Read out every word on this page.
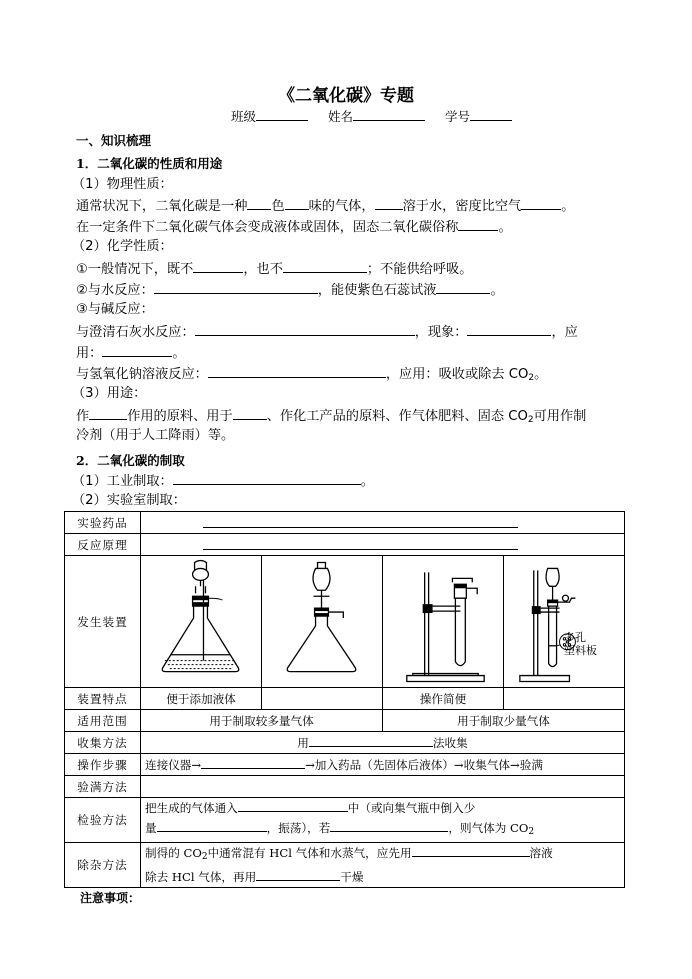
《二氧化碳》专题
班级	姓名	学号
一、知识梳理
1．二氧化碳的性质和用途
（1）物理性质：
通常状况下，二氧化碳是一种 色 味的气体， 溶于水，密度比空气	。
在一定条件下二氧化碳气体会变成液体或固体，固态二氧化碳俗称	。
（2）化学性质：
①一般情况下，既不	，也不	；不能供给呼吸。
②与水反应：	，能使紫色石蕊试液	。
③与碱反应：
与澄清石灰水反应：	，现象：	，应
用：	。
与氢氧化钠溶液反应：	，应用：吸收或除去 CO2。
（3）用途：
作	作用的原料、用于	、作化工产品的原料、作气体肥料、固态 CO2可用作制
冷剂（用于人工降雨）等。
2．二氧化碳的制取
（1）工业制取：	。
（2）实验室制取：
实验药品				
反应原理				
发生装置				多孔
塑料板

装置特点	便于添加液体		操作简便	
适用范围	用于制取较多量气体		用于制取少量气体	
收集方法	用 法收集			
操作步骤	连接仪器→ →加入药品（先固体后液体）→收集气体→验满			
验满方法				
检验方法	把生成的气体通入 中（或向集气瓶中倒入少
量 ，振荡），若 ，则气体为 CO2			

除杂方法	制得的 CO2中通常混有 HCl 气体和水蒸气，应先用 溶液
除去 HCl 气体，再用 干燥			
注意事项：
